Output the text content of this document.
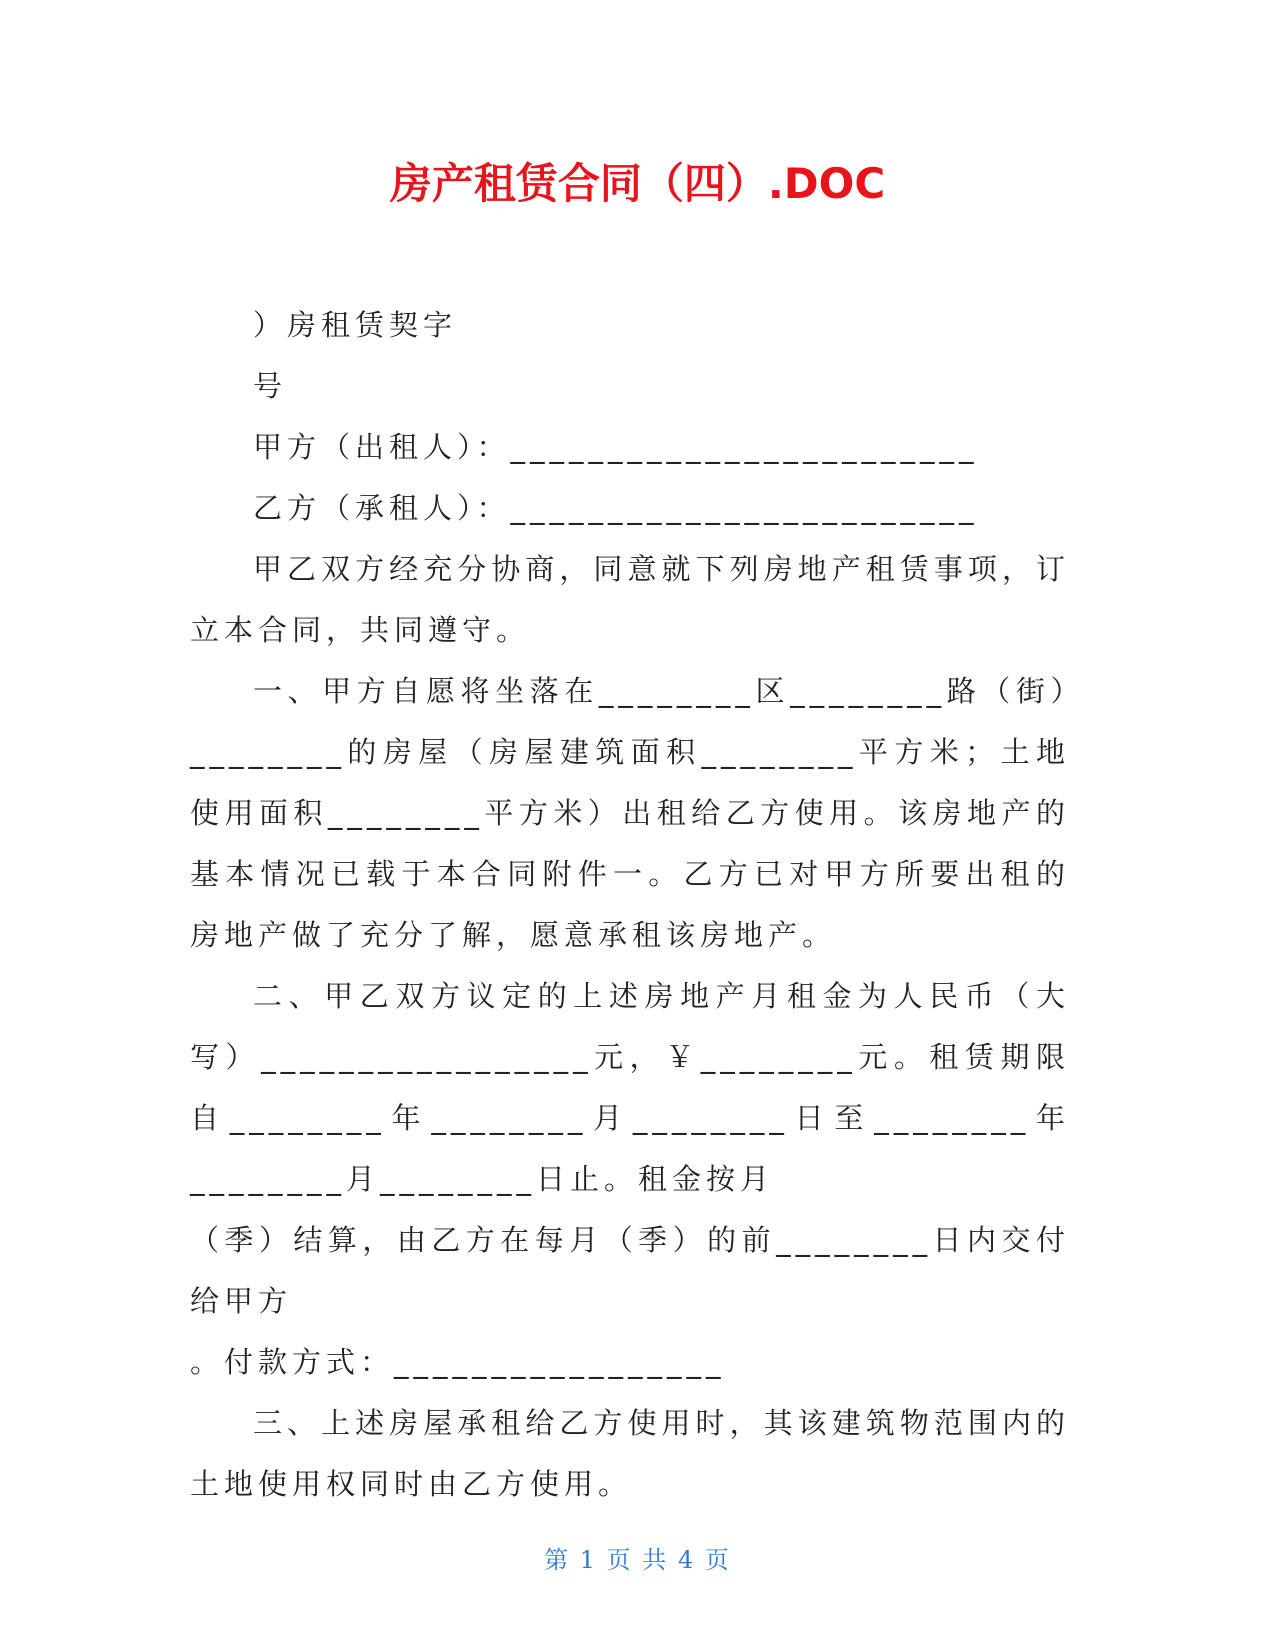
房产租赁合同（四）.DOC

）房租赁契字

号

甲方（出租人）：________________________

乙方（承租人）：________________________

甲乙双方经充分协商，同意就下列房地产租赁事项，订立本合同，共同遵守。

一、甲方自愿将坐落在________区________路（街）________的房屋（房屋建筑面积________平方米；土地使用面积________平方米）出租给乙方使用。该房地产的基本情况已载于本合同附件一。乙方已对甲方所要出租的房地产做了充分了解，愿意承租该房地产。

二、甲乙双方议定的上述房地产月租金为人民币（大写）_________________元，￥________元。租赁期限自________年________月________日至________年________月________日止。租金按月

（季）结算，由乙方在每月（季）的前________日内交付给甲方

。付款方式：_________________

三、上述房屋承租给乙方使用时，其该建筑物范围内的土地使用权同时由乙方使用。

第 1 页 共 4 页
